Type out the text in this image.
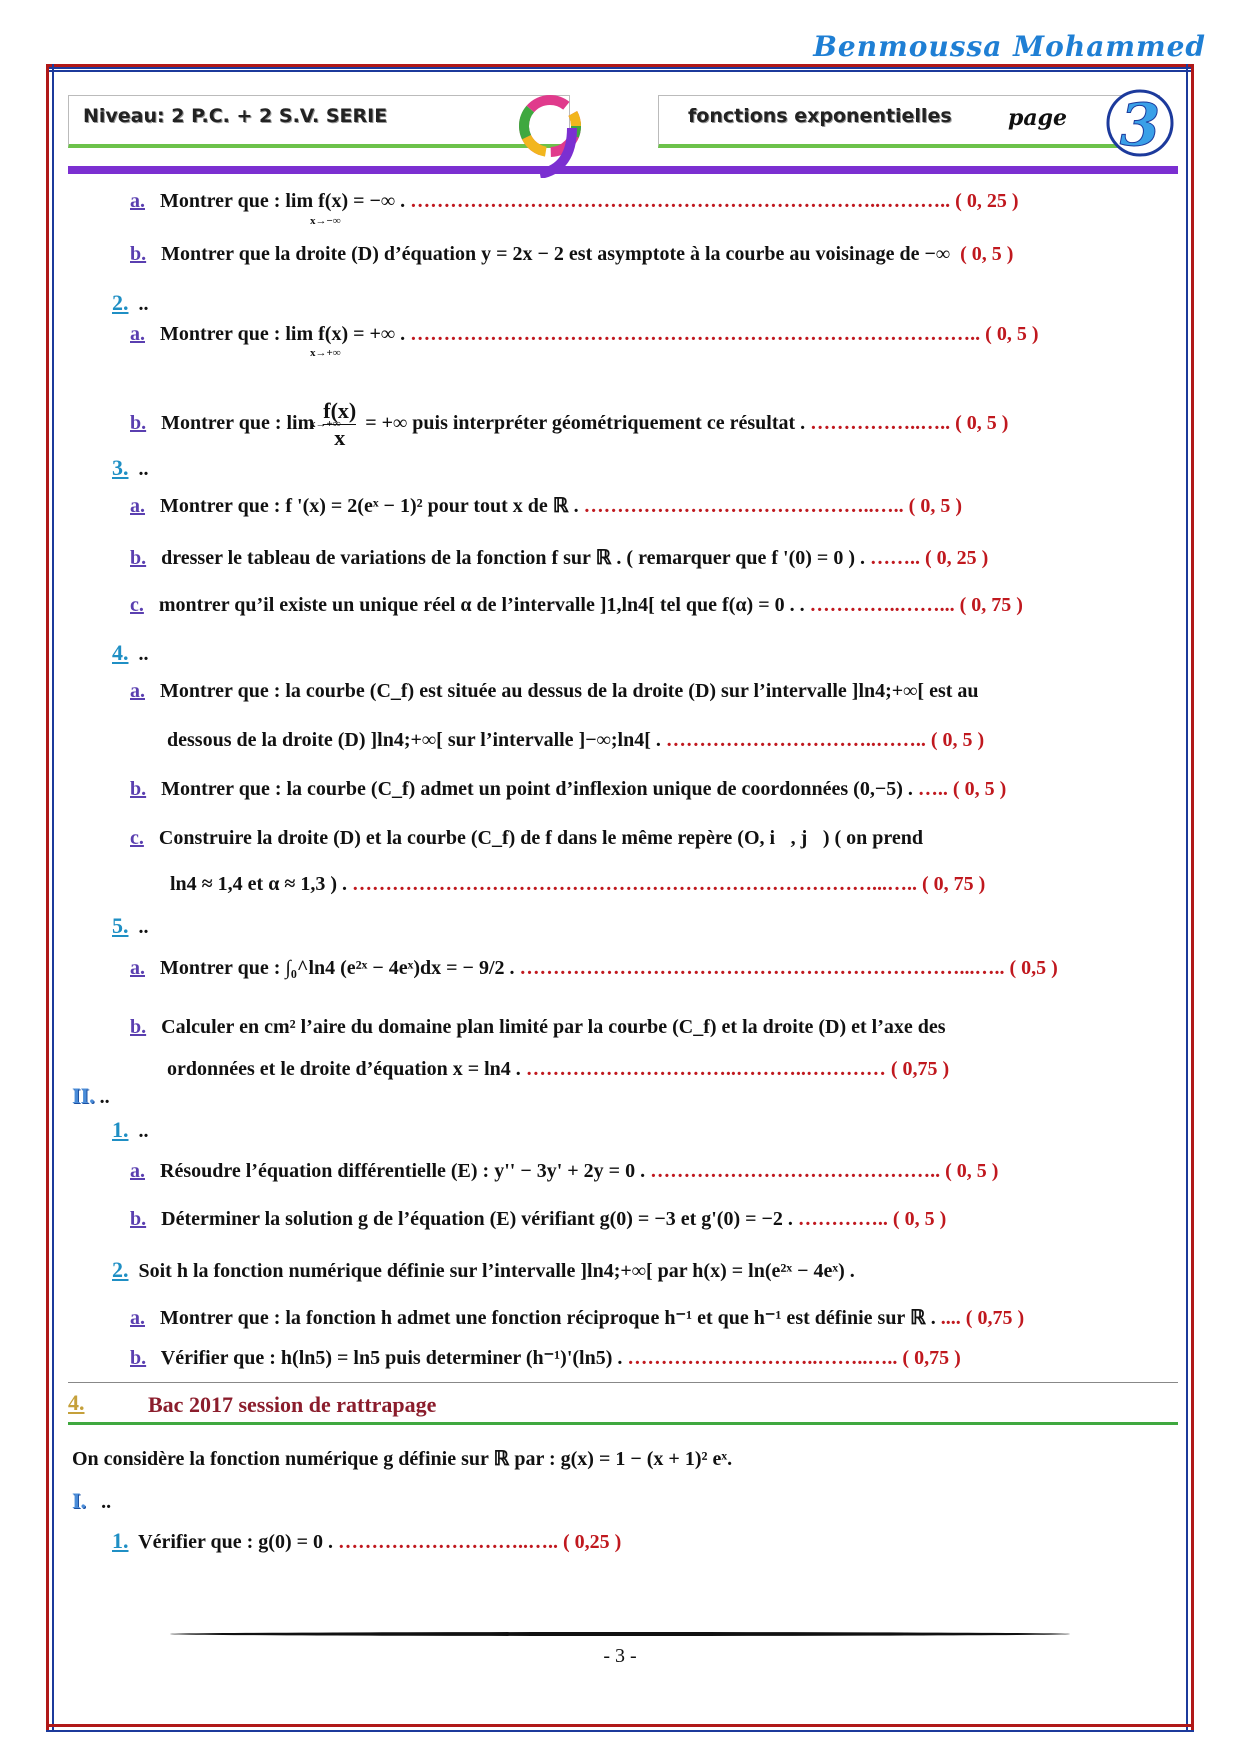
Benmoussa Mohammed
Niveau: 2 P.C. + 2 S.V. SERIE	fonctions exponentielles	page 3
a. Montrer que : lim f(x) = −∞ . ……………………………………………………………..……….. ( 0, 25 )
x→−∞
b. Montrer que la droite (D) d’équation y = 2x − 2 est asymptote à la courbe au voisinage de −∞ ( 0, 5 )
2. ..
a. Montrer que : lim f(x) = +∞ . ………………………………………………………………………….. ( 0, 5 )
x→+∞
b. Montrer que : $\lim \frac{f(x)}{x}$ = +∞ puis interpréter géométriquement ce résultat . ……………..….. ( 0, 5 )
x→+∞
3. ..
a. Montrer que : f '(x) = 2(eˣ − 1)² pour tout x de ℝ . ……………………………………..….. ( 0, 5 )
b. dresser le tableau de variations de la fonction f sur ℝ . ( remarquer que f '(0) = 0 ) . …….. ( 0, 25 )
c. montrer qu’il existe un unique réel α de l’intervalle ]1,ln4[ tel que f(α) = 0 . . …………..……... ( 0, 75 )
4. ..
a. Montrer que : la courbe (C_f) est située au dessus de la droite (D) sur l’intervalle ]ln4;+∞[ est au
dessous de la droite (D) ]ln4;+∞[ sur l’intervalle ]−∞;ln4[ . …………………………..…….. ( 0, 5 )
b. Montrer que : la courbe (C_f) admet un point d’inflexion unique de coordonnées (0,−5) . ….. ( 0, 5 )
c. Construire la droite (D) et la courbe (C_f) de f dans le même repère (O, i⃗, j⃗) ( on prend
ln4 ≈ 1,4 et α ≈ 1,3 ) . ……………………………………………………………………...….. ( 0, 75 )
5. ..
a. Montrer que : ∫₀^ln4 (e²ˣ − 4eˣ)dx = − 9/2 . …………………………………………………………...….. ( 0,5 )
b. Calculer en cm² l’aire du domaine plan limité par la courbe (C_f) et la droite (D) et l’axe des
ordonnées et le droite d’équation x = ln4 . …………………………..………..………… ( 0,75 )
II. ..
1. ..
a. Résoudre l’équation différentielle (E) : y'' − 3y' + 2y = 0 . …………………………………….. ( 0, 5 )
b. Déterminer la solution g de l’équation (E) vérifiant g(0) = −3 et g'(0) = −2 . ………….. ( 0, 5 )
2. Soit h la fonction numérique définie sur l’intervalle ]ln4;+∞[ par h(x) = ln(e²ˣ − 4eˣ) .
a. Montrer que : la fonction h admet une fonction réciproque h⁻¹ et que h⁻¹ est définie sur ℝ . .... ( 0,75 )
b. Vérifier que : h(ln5) = ln5 puis determiner (h⁻¹)'(ln5) . ………………………..……..….. ( 0,75 )
4.	Bac 2017 session de rattrapage
On considère la fonction numérique g définie sur ℝ par : g(x) = 1 − (x + 1)² eˣ.
I. ..
1. Vérifier que : g(0) = 0 . ………………………..….. ( 0,25 )
- 3 -
